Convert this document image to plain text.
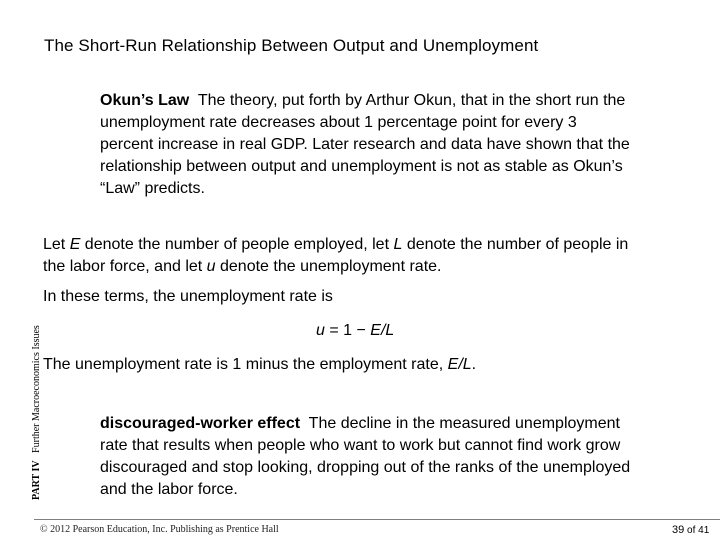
The Short-Run Relationship Between Output and Unemployment
Okun’s Law The theory, put forth by Arthur Okun, that in the short run the unemployment rate decreases about 1 percentage point for every 3 percent increase in real GDP. Later research and data have shown that the relationship between output and unemployment is not as stable as Okun’s “Law” predicts.
Let E denote the number of people employed, let L denote the number of people in the labor force, and let u denote the unemployment rate.
In these terms, the unemployment rate is
u = 1 − E/L
The unemployment rate is 1 minus the employment rate, E/L.
discouraged-worker effect The decline in the measured unemployment rate that results when people who want to work but cannot find work grow discouraged and stop looking, dropping out of the ranks of the unemployed and the labor force.
PART IV   Further Macroeconomics Issues
© 2012 Pearson Education, Inc. Publishing as Prentice Hall	39 of 41
